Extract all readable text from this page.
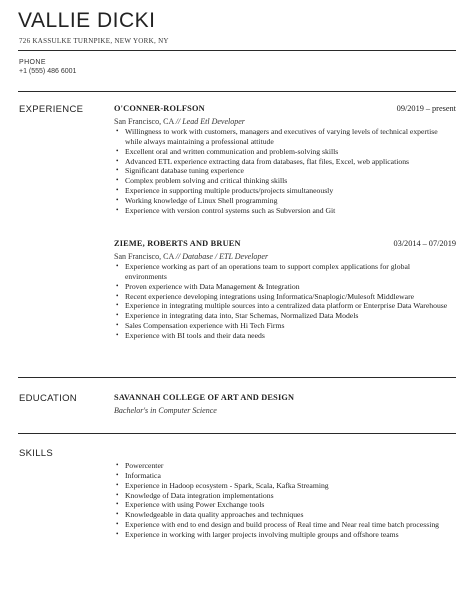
VALLIE DICKI
726 KASSULKE TURNPIKE, NEW YORK, NY
PHONE
+1 (555) 486 6001
EXPERIENCE	O'CONNER-ROLFSON	09/2019 – present
San Francisco, CA // Lead Etl Developer
• Willingness to work with customers, managers and executives of varying levels of technical expertise while always maintaining a professional attitude
• Excellent oral and written communication and problem-solving skills
• Advanced ETL experience extracting data from databases, flat files, Excel, web applications
• Significant database tuning experience
• Complex problem solving and critical thinking skills
• Experience in supporting multiple products/projects simultaneously
• Working knowledge of Linux Shell programming
• Experience with version control systems such as Subversion and Git
ZIEME, ROBERTS AND BRUEN	03/2014 – 07/2019
San Francisco, CA // Database / ETL Developer
• Experience working as part of an operations team to support complex applications for global environments
• Proven experience with Data Management & Integration
• Recent experience developing integrations using Informatica/Snaplogic/Mulesoft Middleware
• Experience in integrating multiple sources into a centralized data platform or Enterprise Data Warehouse
• Experience in integrating data into, Star Schemas, Normalized Data Models
• Sales Compensation experience with Hi Tech Firms
• Experience with BI tools and their data needs
EDUCATION	SAVANNAH COLLEGE OF ART AND DESIGN
Bachelor's in Computer Science
SKILLS
• Powercenter
• Informatica
• Experience in Hadoop ecosystem - Spark, Scala, Kafka Streaming
• Knowledge of Data integration implementations
• Experience with using Power Exchange tools
• Knowledgeable in data quality approaches and techniques
• Experience with end to end design and build process of Real time and Near real time batch processing
• Experience in working with larger projects involving multiple groups and offshore teams
